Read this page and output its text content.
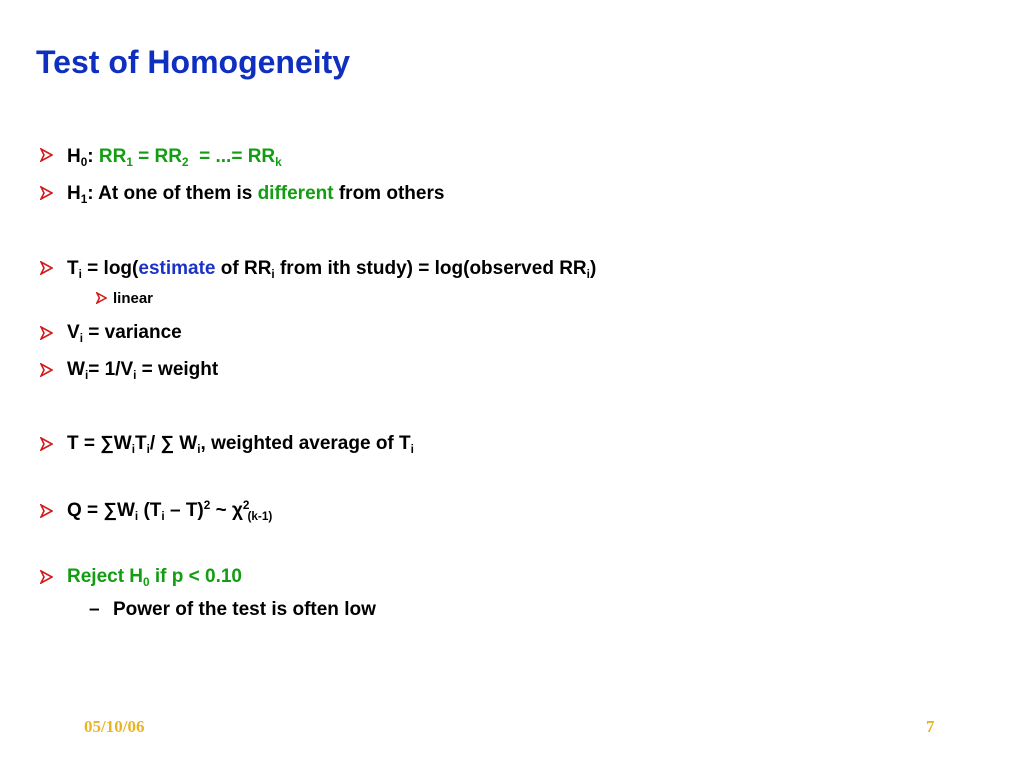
Test of Homogeneity
$H_0$: $RR_1 = RR_2$  = ...= $RR_k$
$H_1$: At one of them is different from others
$T_i$ = log(estimate of $RR_i$ from ith study) = log(observed $RR_i$)
linear
$V_i$ = variance
$W_i= 1/V_i$ = weight
$T = \sum W_iT_i/$ ∑ $W_i$, weighted average of $T_i$
$Q = \sum W_i$ $(T_i - T)^2$ ~ $\chi^2_{(k-1)}$
Reject $H_0$ if p < 0.10
– Power of the test is often low
05/10/06	7
